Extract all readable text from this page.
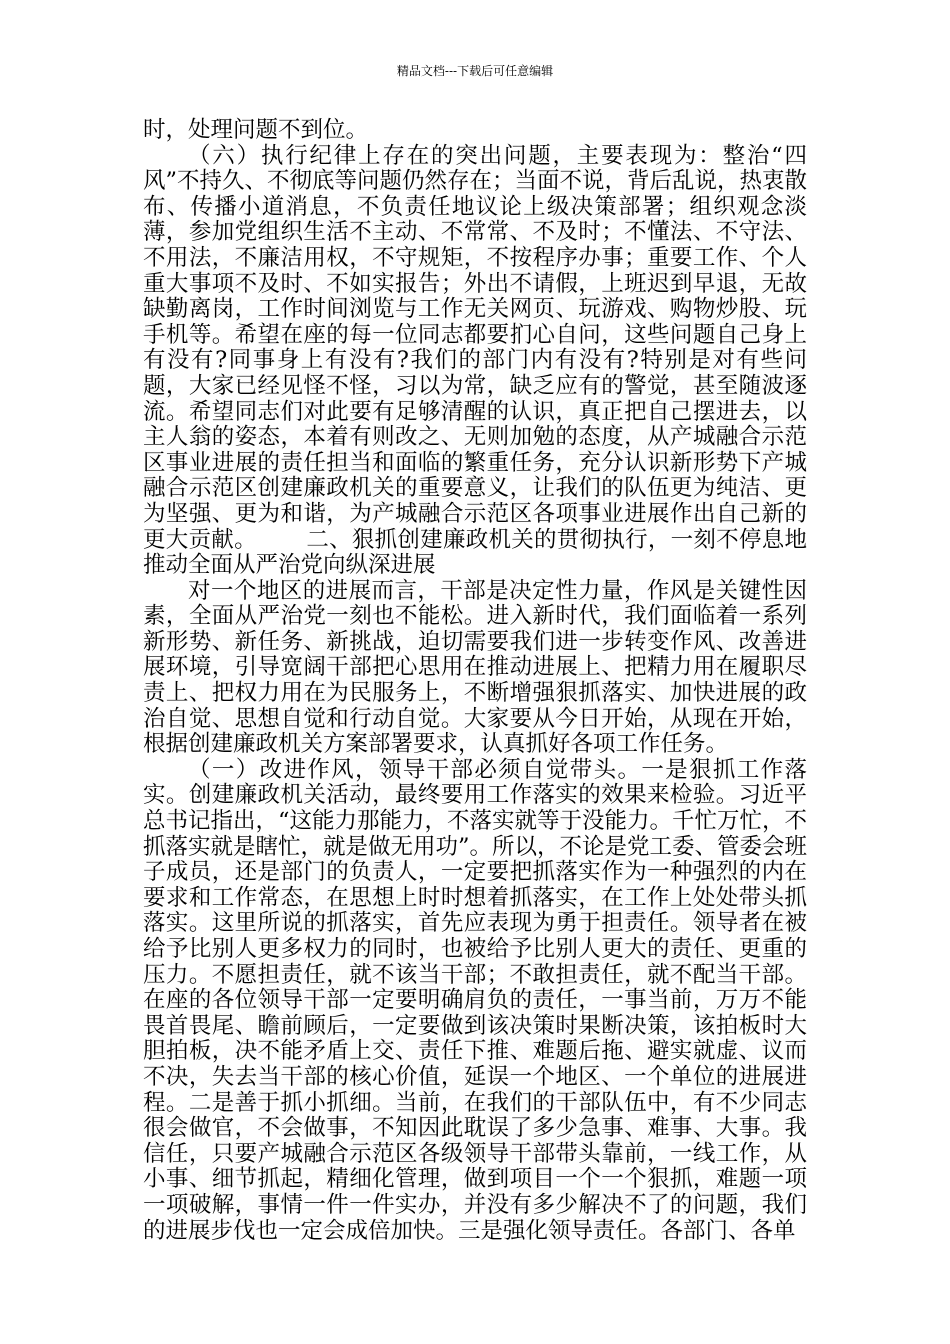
精品文档---下载后可任意编辑

时，处理问题不到位。

（六）执行纪律上存在的突出问题，主要表现为：整治“四风”不持久、不彻底等问题仍然存在；当面不说，背后乱说，热衷散布、传播小道消息，不负责任地议论上级决策部署；组织观念淡薄，参加党组织生活不主动、不常常、不及时；不懂法、不守法、不用法，不廉洁用权，不守规矩，不按程序办事；重要工作、个人重大事项不及时、不如实报告；外出不请假，上班迟到早退，无故缺勤离岗，工作时间浏览与工作无关网页、玩游戏、购物炒股、玩手机等。希望在座的每一位同志都要扪心自问，这些问题自己身上有没有?同事身上有没有?我们的部门内有没有?特别是对有些问题，大家已经见怪不怪，习以为常，缺乏应有的警觉，甚至随波逐流。希望同志们对此要有足够清醒的认识，真正把自己摆进去，以主人翁的姿态，本着有则改之、无则加勉的态度，从产城融合示范区事业进展的责任担当和面临的繁重任务，充分认识新形势下产城融合示范区创建廉政机关的重要意义，让我们的队伍更为纯洁、更为坚强、更为和谐，为产城融合示范区各项事业进展作出自己新的更大贡献。 二、狠抓创建廉政机关的贯彻执行，一刻不停息地推动全面从严治党向纵深进展

对一个地区的进展而言，干部是决定性力量，作风是关键性因素，全面从严治党一刻也不能松。进入新时代，我们面临着一系列新形势、新任务、新挑战，迫切需要我们进一步转变作风、改善进展环境，引导宽阔干部把心思用在推动进展上、把精力用在履职尽责上、把权力用在为民服务上，不断增强狠抓落实、加快进展的政治自觉、思想自觉和行动自觉。大家要从今日开始，从现在开始，根据创建廉政机关方案部署要求，认真抓好各项工作任务。

（一）改进作风，领导干部必须自觉带头。一是狠抓工作落实。创建廉政机关活动，最终要用工作落实的效果来检验。习近平总书记指出，“这能力那能力，不落实就等于没能力。千忙万忙，不抓落实就是瞎忙，就是做无用功”。所以，不论是党工委、管委会班子成员，还是部门的负责人，一定要把抓落实作为一种强烈的内在要求和工作常态，在思想上时时想着抓落实，在工作上处处带头抓落实。这里所说的抓落实，首先应表现为勇于担责任。领导者在被给予比别人更多权力的同时，也被给予比别人更大的责任、更重的压力。不愿担责任，就不该当干部；不敢担责任，就不配当干部。在座的各位领导干部一定要明确肩负的责任，一事当前，万万不能畏首畏尾、瞻前顾后，一定要做到该决策时果断决策，该拍板时大胆拍板，决不能矛盾上交、责任下推、难题后拖、避实就虚、议而不决，失去当干部的核心价值，延误一个地区、一个单位的进展进程。二是善于抓小抓细。当前，在我们的干部队伍中，有不少同志很会做官，不会做事，不知因此耽误了多少急事、难事、大事。我信任，只要产城融合示范区各级领导干部带头靠前，一线工作，从小事、细节抓起，精细化管理，做到项目一个一个狠抓，难题一项一项破解，事情一件一件实办，并没有多少解决不了的问题，我们的进展步伐也一定会成倍加快。三是强化领导责任。各部门、各单
